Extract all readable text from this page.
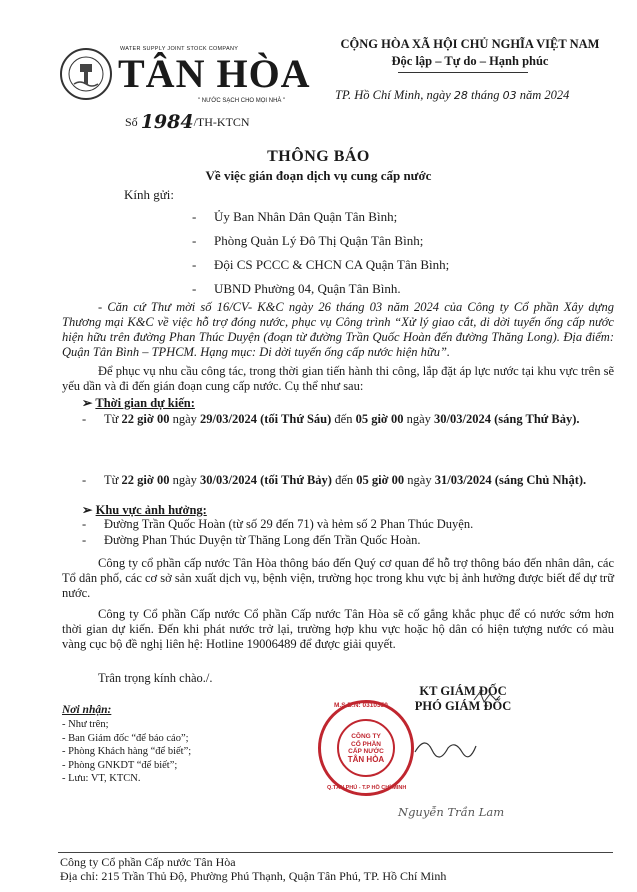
WATER SUPPLY JOINT STOCK COMPANY
TÂN HÒA
" NƯỚC SẠCH CHO MỌI NHÀ "
Số 1984/TH-KTCN
CỘNG HÒA XÃ HỘI CHỦ NGHĨA VIỆT NAM
Độc lập – Tự do – Hạnh phúc
TP. Hồ Chí Minh, ngày 28 tháng 03 năm 2024
THÔNG BÁO
Về việc gián đoạn dịch vụ cung cấp nước
Kính gửi:
- Ủy Ban Nhân Dân Quận Tân Bình;
- Phòng Quản Lý Đô Thị Quận Tân Bình;
- Đội CS PCCC & CHCN CA Quận Tân Bình;
- UBND Phường 04, Quận Tân Bình.
- Căn cứ Thư mời số 16/CV- K&C ngày 26 tháng 03 năm 2024 của Công ty Cổ phần Xây dựng Thương mại K&C về việc hỗ trợ đóng nước, phục vụ Công trình “Xử lý giao cắt, di dời tuyến ống cấp nước hiện hữu trên đường Phan Thúc Duyện (đoạn từ đường Trần Quốc Hoàn đến đường Thăng Long). Địa điểm: Quận Tân Bình – TPHCM. Hạng mục: Di dời tuyến ống cấp nước hiện hữu”.
Để phục vụ nhu cầu công tác, trong thời gian tiến hành thi công, lắp đặt áp lực nước tại khu vực trên sẽ yếu dần và đi đến gián đoạn cung cấp nước. Cụ thể như sau:
➢ Thời gian dự kiến:
- Từ 22 giờ 00 ngày 29/03/2024 (tối Thứ Sáu) đến 05 giờ 00 ngày 30/03/2024 (sáng Thứ Bảy).
- Từ 22 giờ 00 ngày 30/03/2024 (tối Thứ Bảy) đến 05 giờ 00 ngày 31/03/2024 (sáng Chủ Nhật).
➢ Khu vực ảnh hưởng:
- Đường Trần Quốc Hoàn (từ số 29 đến 71) và hẻm số 2 Phan Thúc Duyện.
- Đường Phan Thúc Duyện từ Thăng Long đến Trần Quốc Hoàn.
Công ty cổ phần cấp nước Tân Hòa thông báo đến Quý cơ quan để hỗ trợ thông báo đến nhân dân, các Tổ dân phố, các cơ sở sản xuất dịch vụ, bệnh viện, trường học trong khu vực bị ảnh hưởng được biết để dự trữ nước.
Công ty Cổ phần Cấp nước Cổ phần Cấp nước Tân Hòa sẽ cố gắng khắc phục để có nước sớm hơn thời gian dự kiến. Đến khi phát nước trở lại, trường hợp khu vực hoặc hộ dân có hiện tượng nước có màu vàng cục bộ đề nghị liên hệ: Hotline 19006489 để được giải quyết.
Trân trọng kính chào./.
KT GIÁM ĐỐC
PHÓ GIÁM ĐỐC
CÔNG TY
CỔ PHẦN
CẤP NƯỚC
TÂN HÒA
M.S.D.N: 0310350
Q.TÂN PHÚ - T.P HỒ CHÍ MINH
Nguyễn Trần Lam
Nơi nhận:
- Như trên;
- Ban Giám đốc “để báo cáo”;
- Phòng Khách hàng “để biết”;
- Phòng GNKDT “để biết”;
- Lưu: VT, KTCN.
Công ty Cổ phần Cấp nước Tân Hòa
Địa chỉ: 215 Trần Thủ Độ, Phường Phú Thạnh, Quận Tân Phú, TP. Hồ Chí Minh
